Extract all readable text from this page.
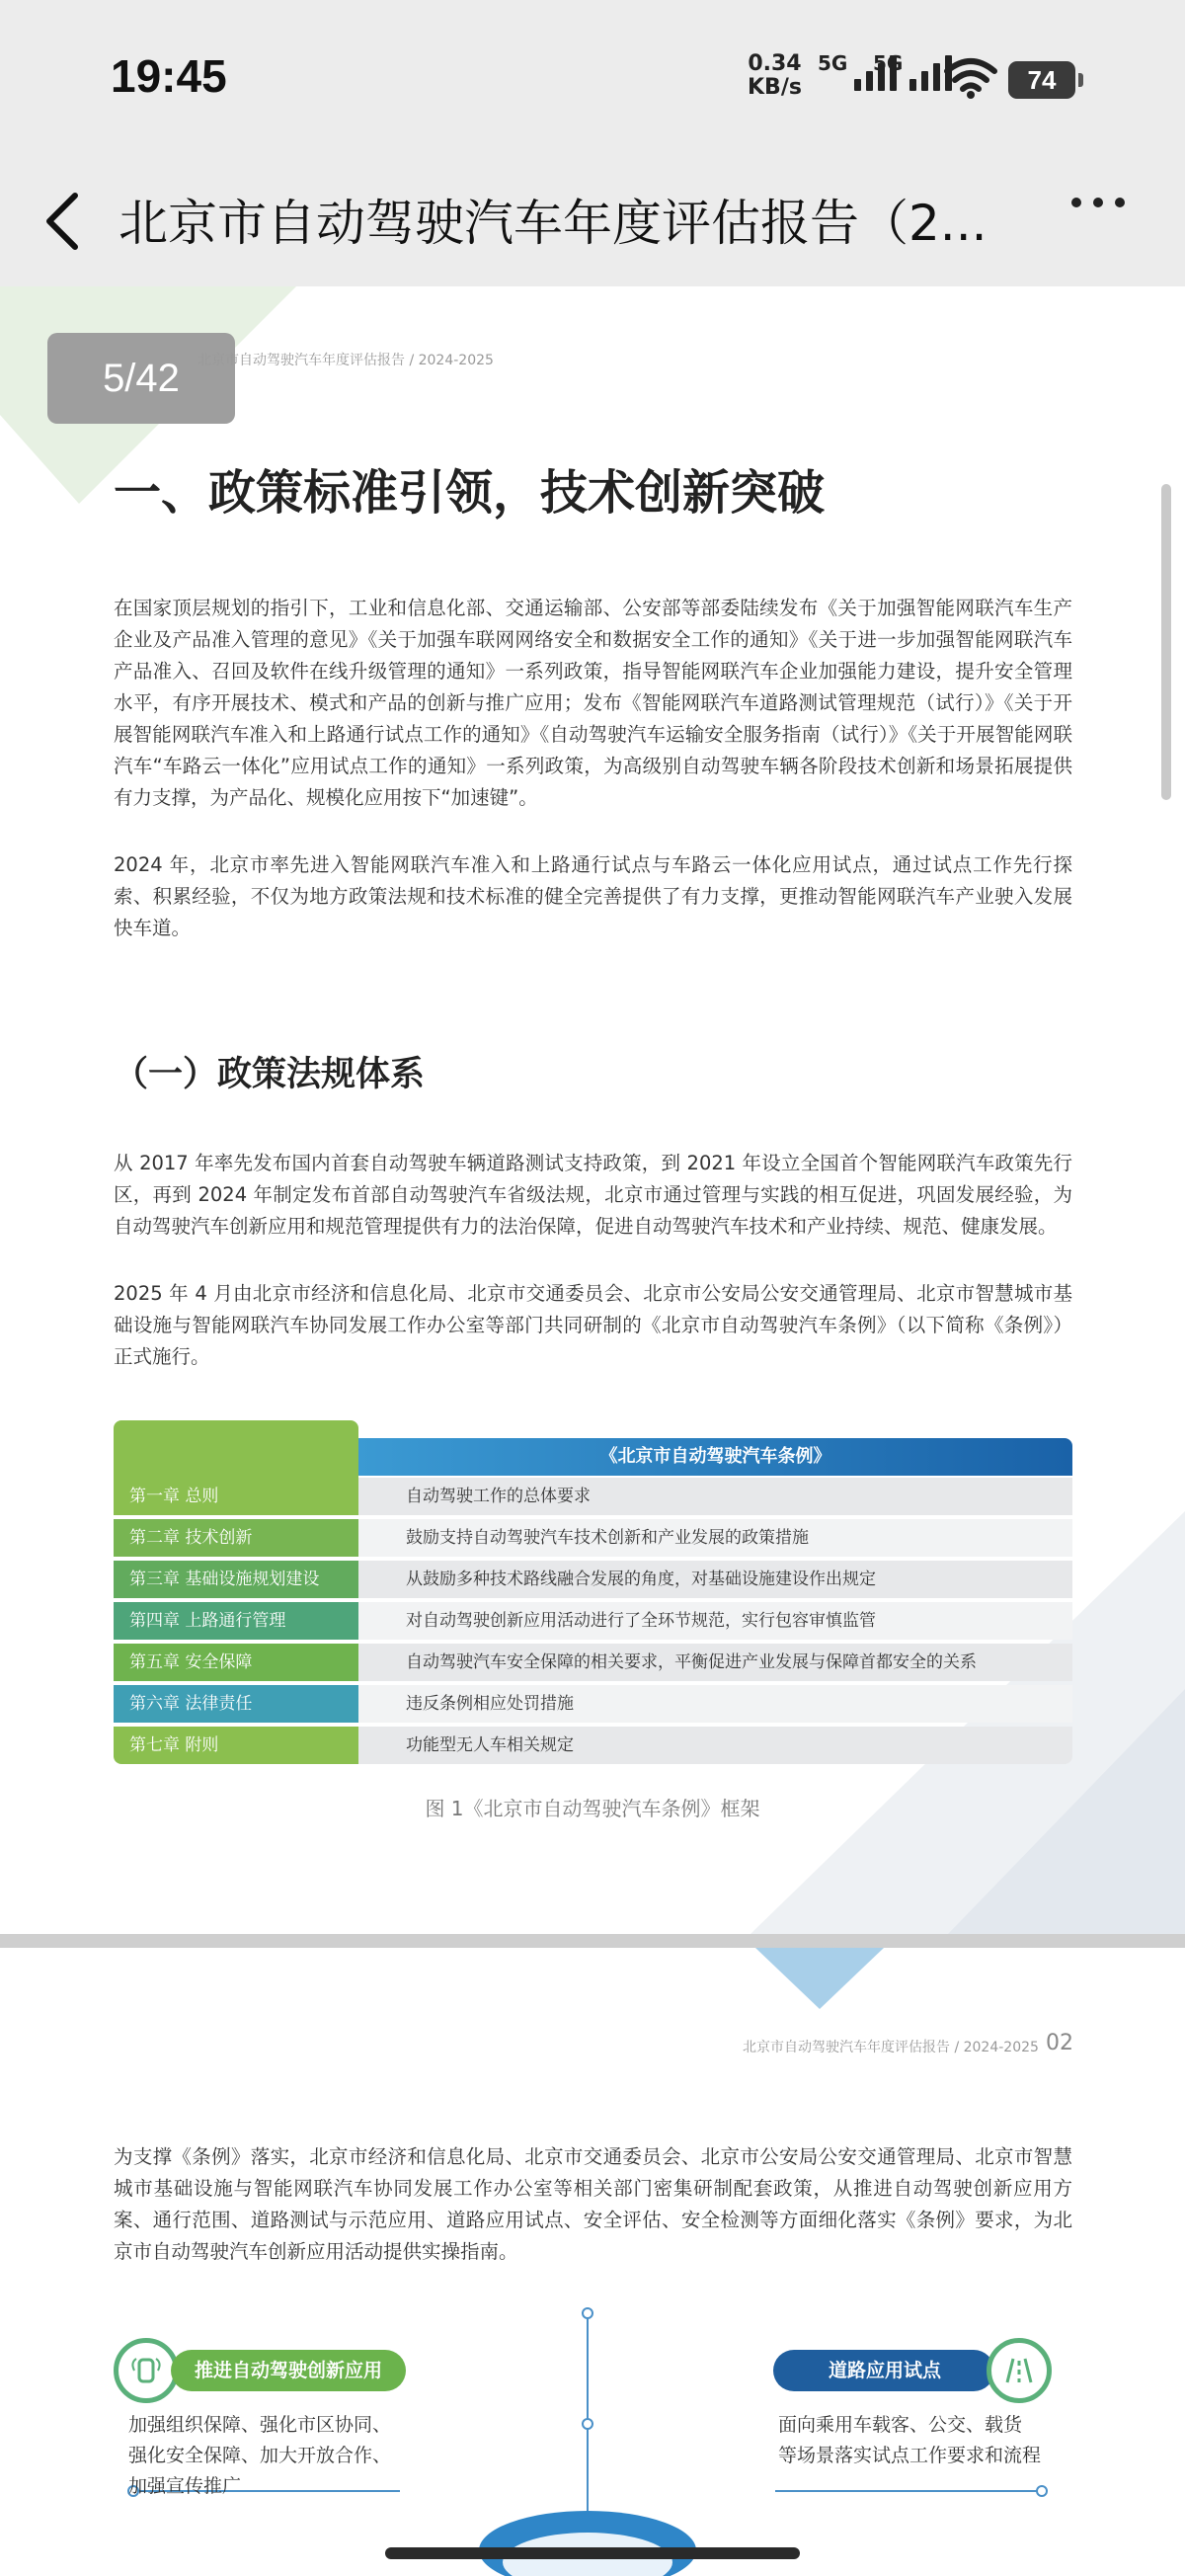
19:45	0.34
KB/s
5G 5G
74
北京市自动驾驶汽车年度评估报告（2...
5/42	北京市自动驾驶汽车年度评估报告 / 2024-2025
一、政策标准引领，技术创新突破
在国家顶层规划的指引下，工业和信息化部、交通运输部、公安部等部委陆续发布《关于加强智能网联汽车生产企业及产品准入管理的意见》《关于加强车联网网络安全和数据安全工作的通知》《关于进一步加强智能网联汽车产品准入、召回及软件在线升级管理的通知》一系列政策，指导智能网联汽车企业加强能力建设，提升安全管理水平，有序开展技术、模式和产品的创新与推广应用；发布《智能网联汽车道路测试管理规范（试行）》《关于开展智能网联汽车准入和上路通行试点工作的通知》《自动驾驶汽车运输安全服务指南（试行）》《关于开展智能网联汽车“车路云一体化”应用试点工作的通知》一系列政策，为高级别自动驾驶车辆各阶段技术创新和场景拓展提供有力支撑，为产品化、规模化应用按下“加速键”。
2024 年，北京市率先进入智能网联汽车准入和上路通行试点与车路云一体化应用试点，通过试点工作先行探索、积累经验，不仅为地方政策法规和技术标准的健全完善提供了有力支撑，更推动智能网联汽车产业驶入发展快车道。
（一）政策法规体系
从 2017 年率先发布国内首套自动驾驶车辆道路测试支持政策，到 2021 年设立全国首个智能网联汽车政策先行区，再到 2024 年制定发布首部自动驾驶汽车省级法规，北京市通过管理与实践的相互促进，巩固发展经验，为自动驾驶汽车创新应用和规范管理提供有力的法治保障，促进自动驾驶汽车技术和产业持续、规范、健康发展。
2025 年 4 月由北京市经济和信息化局、北京市交通委员会、北京市公安局公安交通管理局、北京市智慧城市基础设施与智能网联汽车协同发展工作办公室等部门共同研制的《北京市自动驾驶汽车条例》（以下简称《条例》）正式施行。
《北京市自动驾驶汽车条例》
第一章 总则	自动驾驶工作的总体要求
第二章 技术创新	鼓励支持自动驾驶汽车技术创新和产业发展的政策措施
第三章 基础设施规划建设	从鼓励多种技术路线融合发展的角度，对基础设施建设作出规定
第四章 上路通行管理	对自动驾驶创新应用活动进行了全环节规范，实行包容审慎监管
第五章 安全保障	自动驾驶汽车安全保障的相关要求，平衡促进产业发展与保障首都安全的关系
第六章 法律责任	违反条例相应处罚措施
第七章 附则	功能型无人车相关规定
图 1《北京市自动驾驶汽车条例》框架
北京市自动驾驶汽车年度评估报告 / 2024-2025 02
为支撑《条例》落实，北京市经济和信息化局、北京市交通委员会、北京市公安局公安交通管理局、北京市智慧城市基础设施与智能网联汽车协同发展工作办公室等相关部门密集研制配套政策，从推进自动驾驶创新应用方案、通行范围、道路测试与示范应用、道路应用试点、安全评估、安全检测等方面细化落实《条例》要求，为北京市自动驾驶汽车创新应用活动提供实操指南。
推进自动驾驶创新应用
加强组织保障、强化市区协同、
强化安全保障、加大开放合作、
加强宣传推广
道路应用试点
面向乘用车载客、公交、载货
等场景落实试点工作要求和流程
